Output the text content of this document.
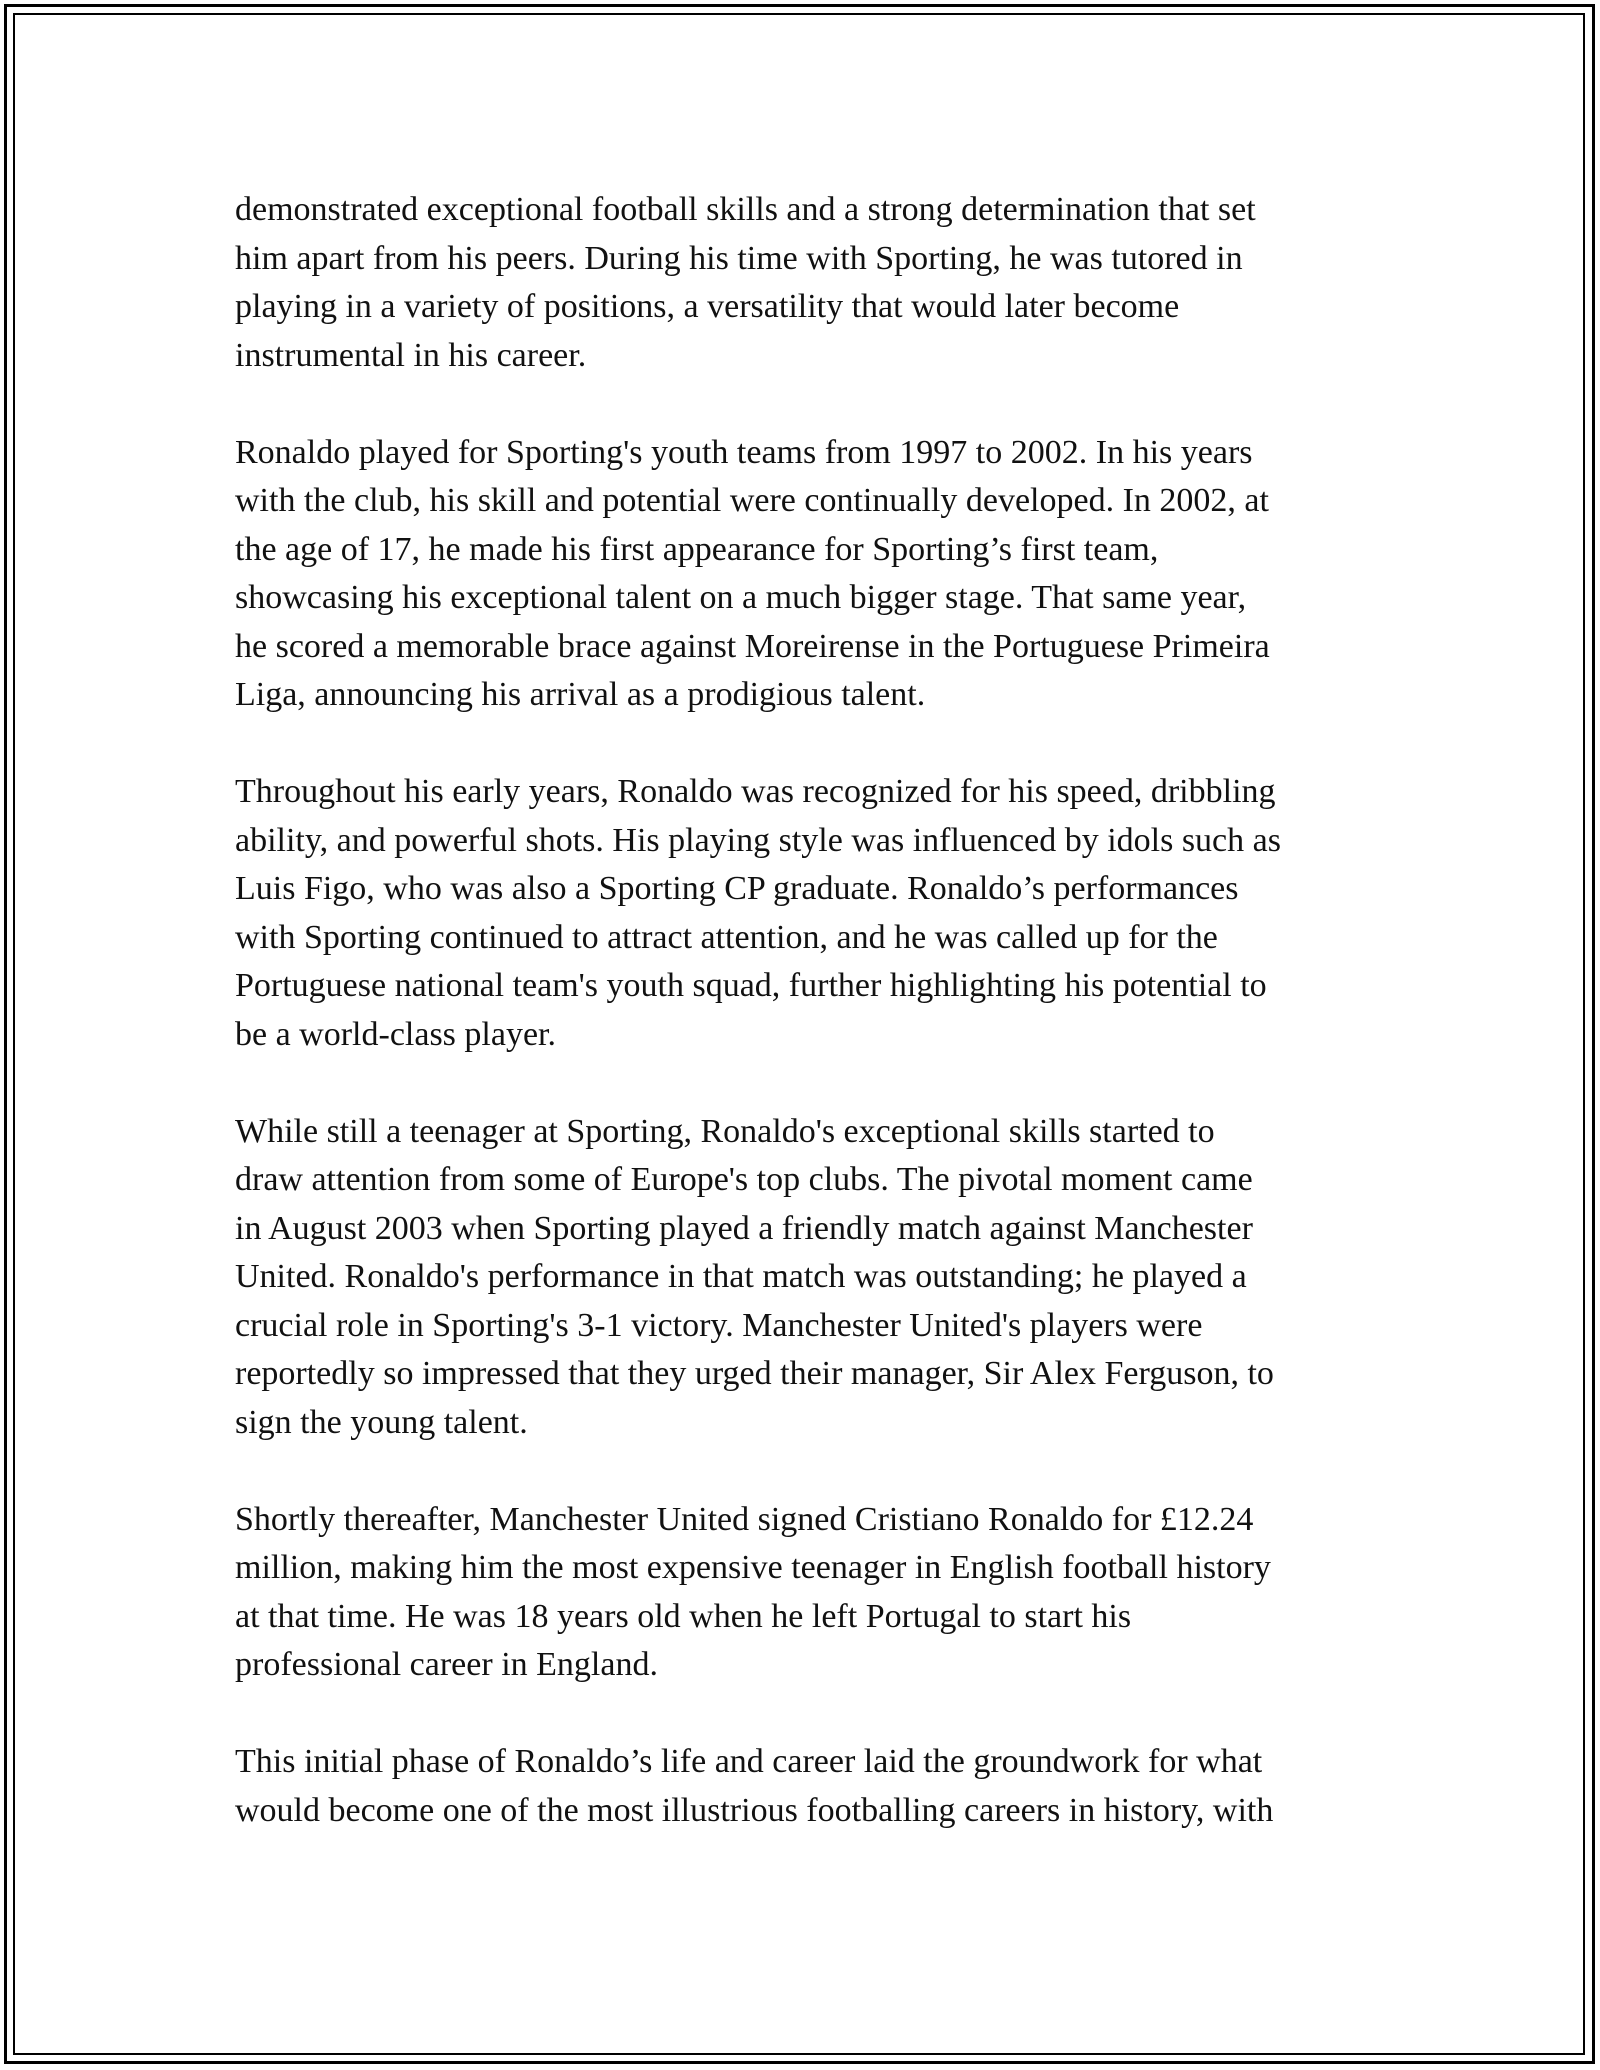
demonstrated exceptional football skills and a strong determination that set
him apart from his peers. During his time with Sporting, he was tutored in
playing in a variety of positions, a versatility that would later become
instrumental in his career.

Ronaldo played for Sporting's youth teams from 1997 to 2002. In his years
with the club, his skill and potential were continually developed. In 2002, at
the age of 17, he made his first appearance for Sporting’s first team,
showcasing his exceptional talent on a much bigger stage. That same year,
he scored a memorable brace against Moreirense in the Portuguese Primeira
Liga, announcing his arrival as a prodigious talent.

Throughout his early years, Ronaldo was recognized for his speed, dribbling
ability, and powerful shots. His playing style was influenced by idols such as
Luis Figo, who was also a Sporting CP graduate. Ronaldo’s performances
with Sporting continued to attract attention, and he was called up for the
Portuguese national team's youth squad, further highlighting his potential to
be a world-class player.

While still a teenager at Sporting, Ronaldo's exceptional skills started to
draw attention from some of Europe's top clubs. The pivotal moment came
in August 2003 when Sporting played a friendly match against Manchester
United. Ronaldo's performance in that match was outstanding; he played a
crucial role in Sporting's 3-1 victory. Manchester United's players were
reportedly so impressed that they urged their manager, Sir Alex Ferguson, to
sign the young talent.

Shortly thereafter, Manchester United signed Cristiano Ronaldo for £12.24
million, making him the most expensive teenager in English football history
at that time. He was 18 years old when he left Portugal to start his
professional career in England.

This initial phase of Ronaldo’s life and career laid the groundwork for what
would become one of the most illustrious footballing careers in history, with
